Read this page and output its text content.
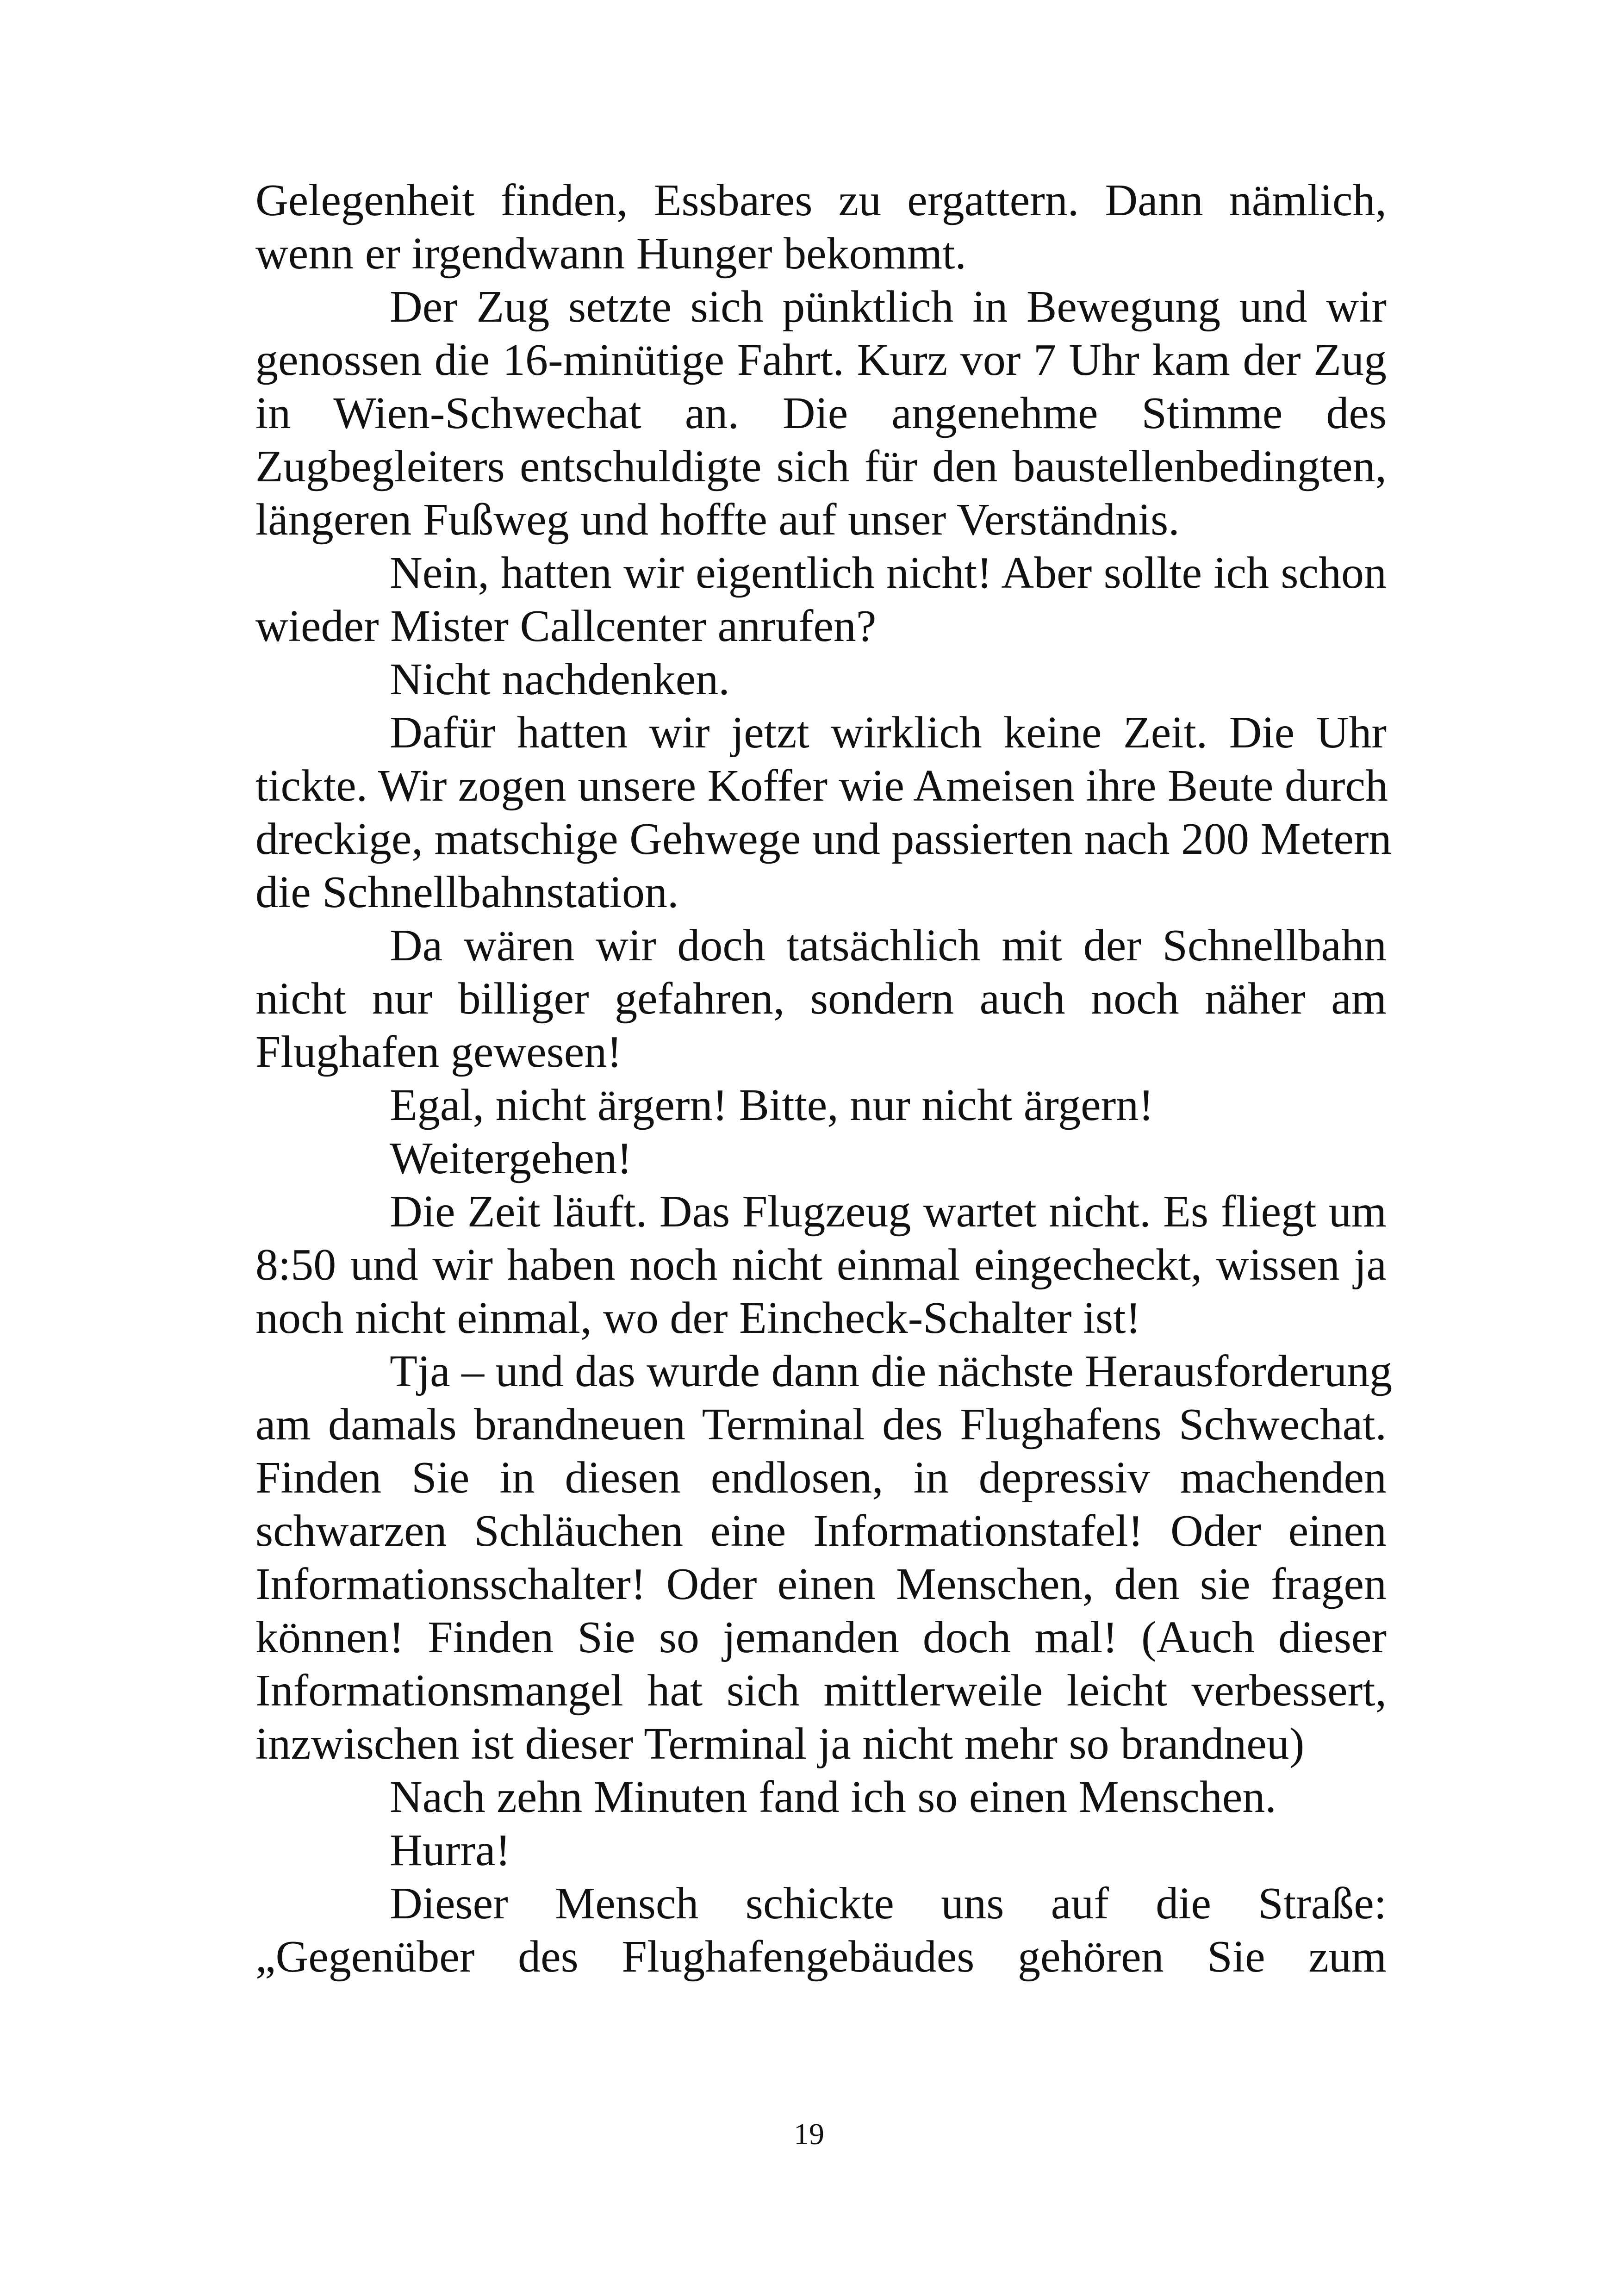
Gelegenheit finden, Essbares zu ergattern. Dann nämlich,
wenn er irgendwann Hunger bekommt.
Der Zug setzte sich pünktlich in Bewegung und wir
genossen die 16-minütige Fahrt. Kurz vor 7 Uhr kam der Zug
in Wien-Schwechat an. Die angenehme Stimme des
Zugbegleiters entschuldigte sich für den baustellenbedingten,
längeren Fußweg und hoffte auf unser Verständnis.
Nein, hatten wir eigentlich nicht! Aber sollte ich schon
wieder Mister Callcenter anrufen?
Nicht nachdenken.
Dafür hatten wir jetzt wirklich keine Zeit. Die Uhr
tickte. Wir zogen unsere Koffer wie Ameisen ihre Beute durch
dreckige, matschige Gehwege und passierten nach 200 Metern
die Schnellbahnstation.
Da wären wir doch tatsächlich mit der Schnellbahn
nicht nur billiger gefahren, sondern auch noch näher am
Flughafen gewesen!
Egal, nicht ärgern! Bitte, nur nicht ärgern!
Weitergehen!
Die Zeit läuft. Das Flugzeug wartet nicht. Es fliegt um
8:50 und wir haben noch nicht einmal eingecheckt, wissen ja
noch nicht einmal, wo der Eincheck-Schalter ist!
Tja – und das wurde dann die nächste Herausforderung
am damals brandneuen Terminal des Flughafens Schwechat.
Finden Sie in diesen endlosen, in depressiv machenden
schwarzen Schläuchen eine Informationstafel! Oder einen
Informationsschalter! Oder einen Menschen, den sie fragen
können! Finden Sie so jemanden doch mal! (Auch dieser
Informationsmangel hat sich mittlerweile leicht verbessert,
inzwischen ist dieser Terminal ja nicht mehr so brandneu)
Nach zehn Minuten fand ich so einen Menschen.
Hurra!
Dieser Mensch schickte uns auf die Straße:
„Gegenüber des Flughafengebäudes gehören Sie zum
19
